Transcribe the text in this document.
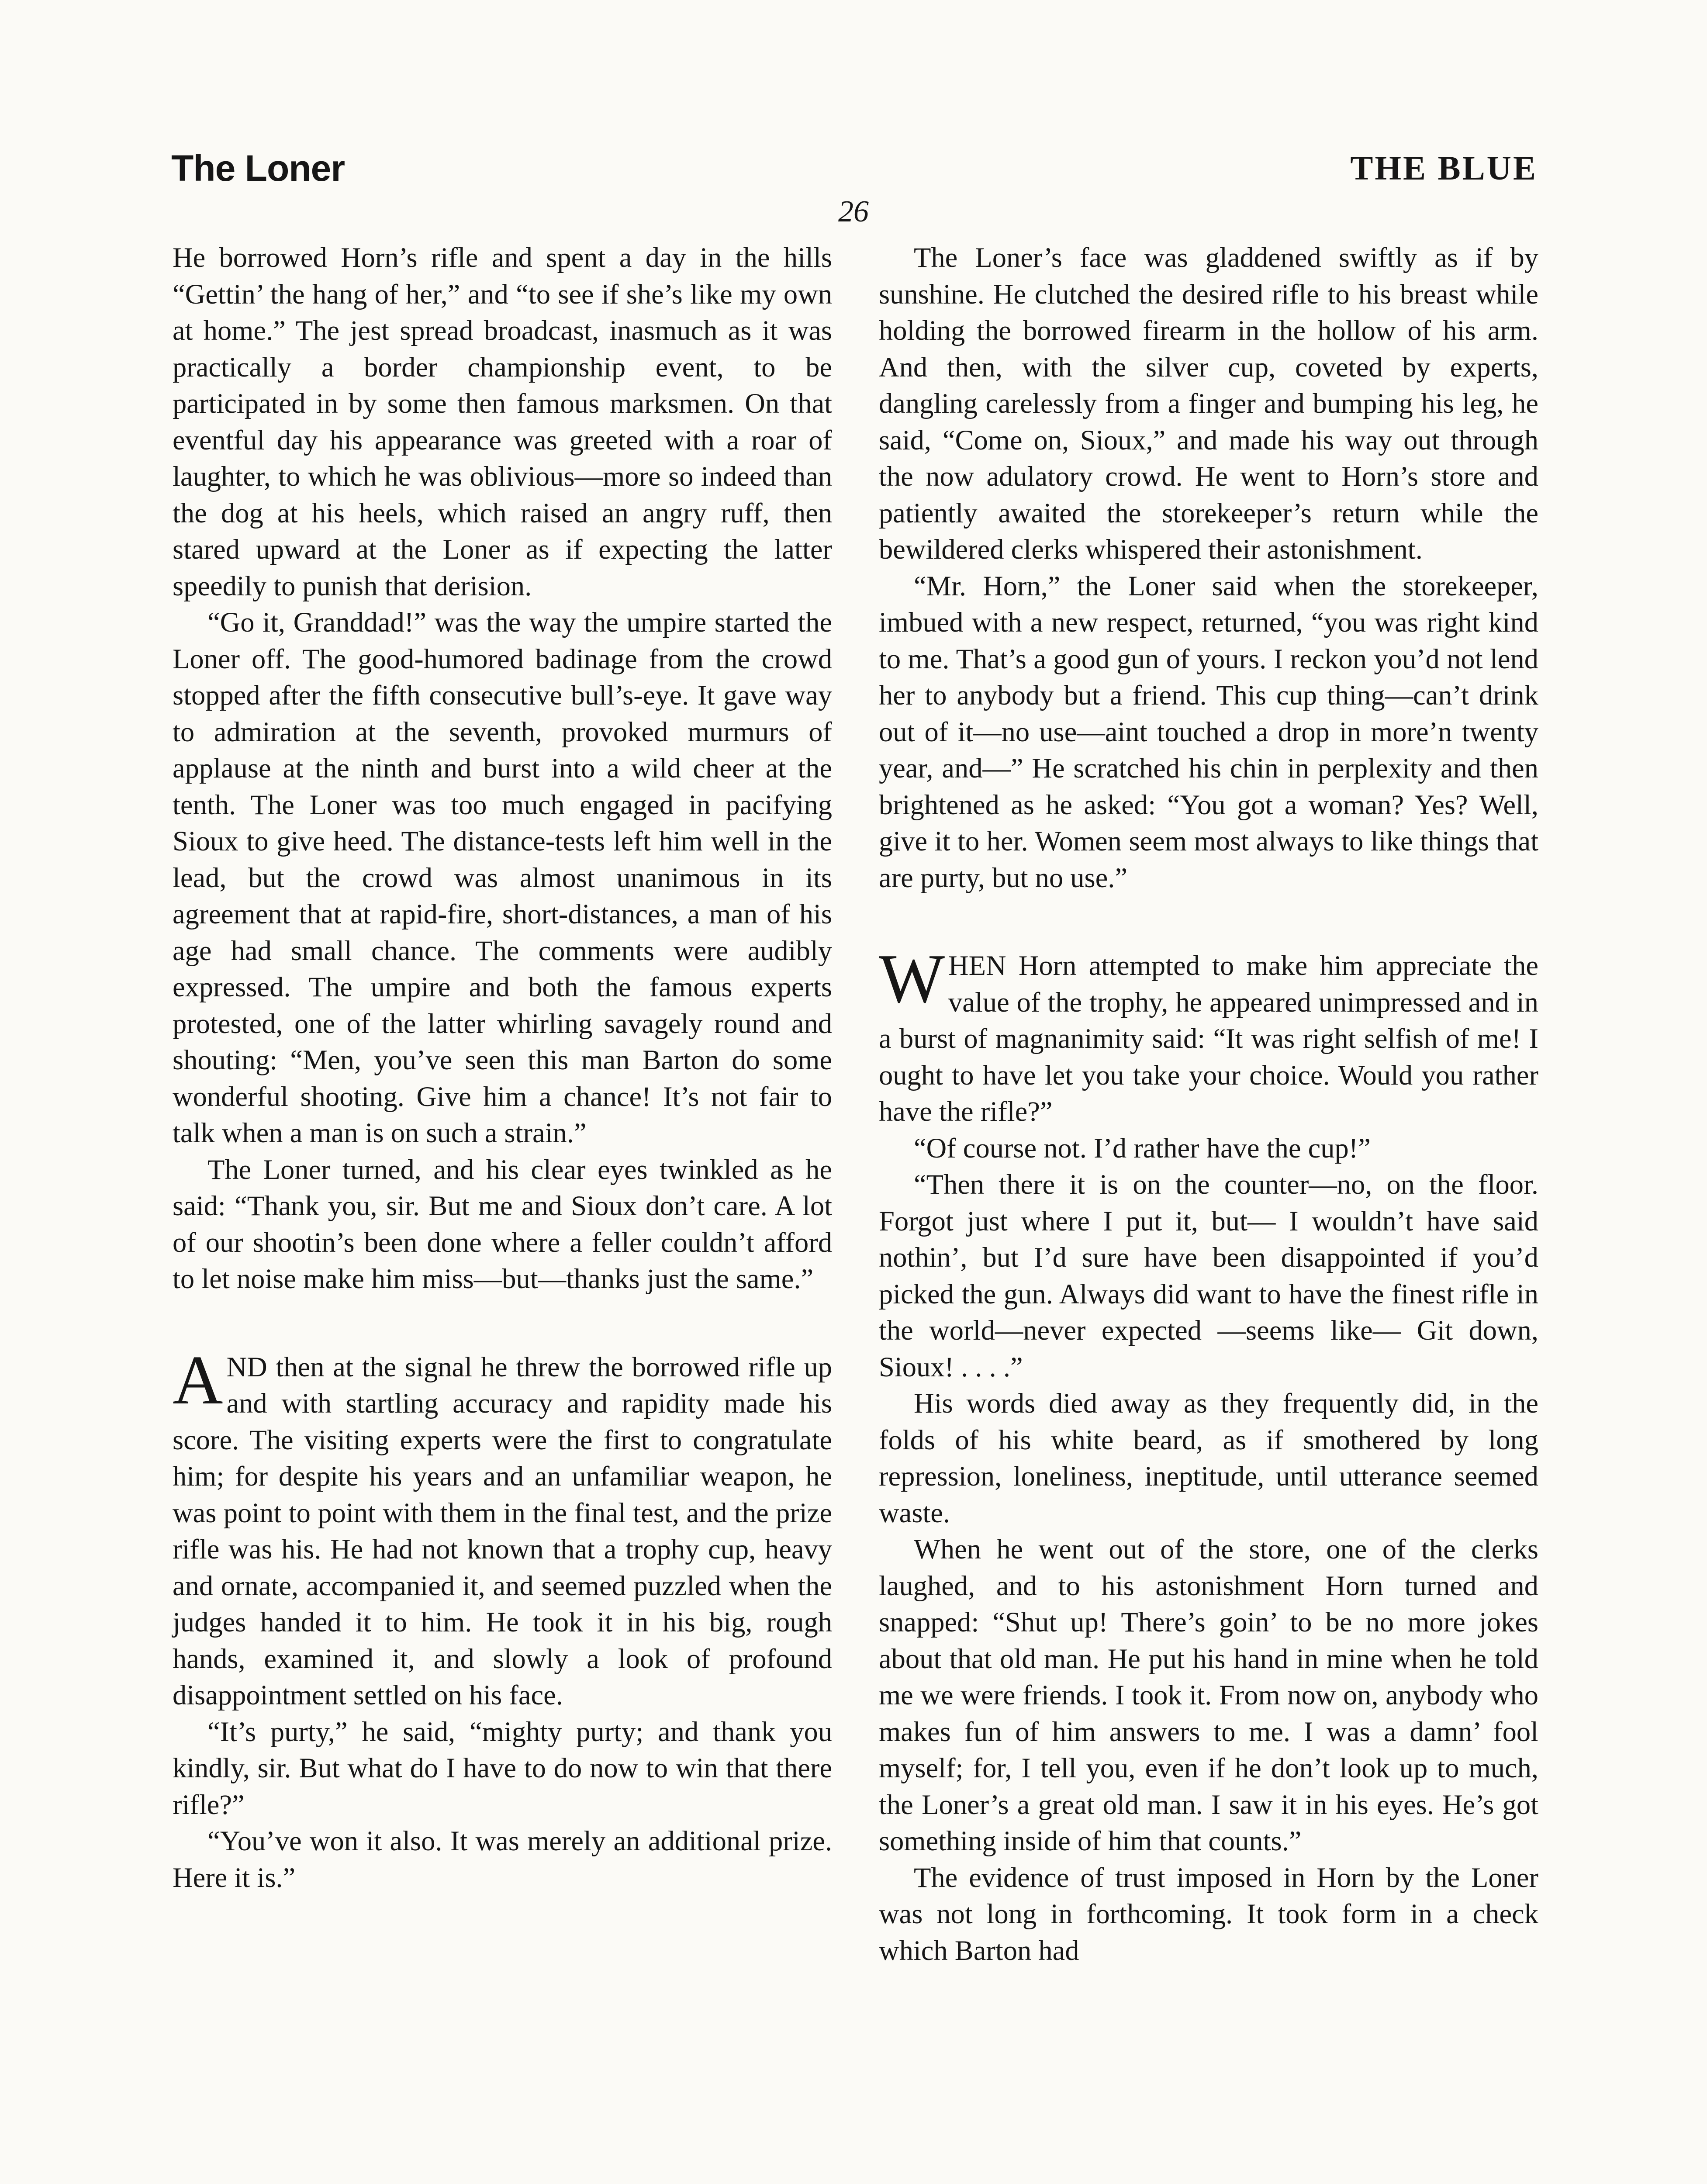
The Loner	THE BLUE
26

He borrowed Horn’s rifle and spent a day in the hills “Gettin’ the hang of her,” and “to see if she’s like my own at home.” The jest spread broadcast, inasmuch as it was practically a border championship event, to be participated in by some then famous marksmen. On that eventful day his appearance was greeted with a roar of laughter, to which he was oblivious—more so indeed than the dog at his heels, which raised an angry ruff, then stared upward at the Loner as if expecting the latter speedily to punish that derision.

“Go it, Granddad!” was the way the umpire started the Loner off. The good-humored badinage from the crowd stopped after the fifth consecutive bull’s-eye. It gave way to admiration at the seventh, provoked murmurs of applause at the ninth and burst into a wild cheer at the tenth. The Loner was too much engaged in pacifying Sioux to give heed. The distance-tests left him well in the lead, but the crowd was almost unanimous in its agreement that at rapid-fire, short-distances, a man of his age had small chance. The comments were audibly expressed. The umpire and both the famous experts protested, one of the latter whirling savagely round and shouting: “Men, you’ve seen this man Barton do some wonderful shooting. Give him a chance! It’s not fair to talk when a man is on such a strain.”

The Loner turned, and his clear eyes twinkled as he said: “Thank you, sir. But me and Sioux don’t care. A lot of our shootin’s been done where a feller couldn’t afford to let noise make him miss—but—thanks just the same.”

AND then at the signal he threw the borrowed rifle up and with startling accuracy and rapidity made his score. The visiting experts were the first to congratulate him; for despite his years and an unfamiliar weapon, he was point to point with them in the final test, and the prize rifle was his. He had not known that a trophy cup, heavy and ornate, accompanied it, and seemed puzzled when the judges handed it to him. He took it in his big, rough hands, examined it, and slowly a look of profound disappointment settled on his face.

“It’s purty,” he said, “mighty purty; and thank you kindly, sir. But what do I have to do now to win that there rifle?”

“You’ve won it also. It was merely an additional prize. Here it is.”

The Loner’s face was gladdened swiftly as if by sunshine. He clutched the desired rifle to his breast while holding the borrowed firearm in the hollow of his arm. And then, with the silver cup, coveted by experts, dangling carelessly from a finger and bumping his leg, he said, “Come on, Sioux,” and made his way out through the now adulatory crowd. He went to Horn’s store and patiently awaited the storekeeper’s return while the bewildered clerks whispered their astonishment.

“Mr. Horn,” the Loner said when the storekeeper, imbued with a new respect, returned, “you was right kind to me. That’s a good gun of yours. I reckon you’d not lend her to anybody but a friend. This cup thing—can’t drink out of it—no use—aint touched a drop in more’n twenty year, and—” He scratched his chin in perplexity and then brightened as he asked: “You got a woman? Yes? Well, give it to her. Women seem most always to like things that are purty, but no use.”

WHEN Horn attempted to make him appreciate the value of the trophy, he appeared unimpressed and in a burst of magnanimity said: “It was right selfish of me! I ought to have let you take your choice. Would you rather have the rifle?”

“Of course not. I’d rather have the cup!”

“Then there it is on the counter—no, on the floor. Forgot just where I put it, but— I wouldn’t have said nothin’, but I’d sure have been disappointed if you’d picked the gun. Always did want to have the finest rifle in the world—never expected —seems like— Git down, Sioux! . . . .”

His words died away as they frequently did, in the folds of his white beard, as if smothered by long repression, loneliness, ineptitude, until utterance seemed waste.

When he went out of the store, one of the clerks laughed, and to his astonishment Horn turned and snapped: “Shut up! There’s goin’ to be no more jokes about that old man. He put his hand in mine when he told me we were friends. I took it. From now on, anybody who makes fun of him answers to me. I was a damn’ fool myself; for, I tell you, even if he don’t look up to much, the Loner’s a great old man. I saw it in his eyes. He’s got something inside of him that counts.”

The evidence of trust imposed in Horn by the Loner was not long in forthcoming. It took form in a check which Barton had
